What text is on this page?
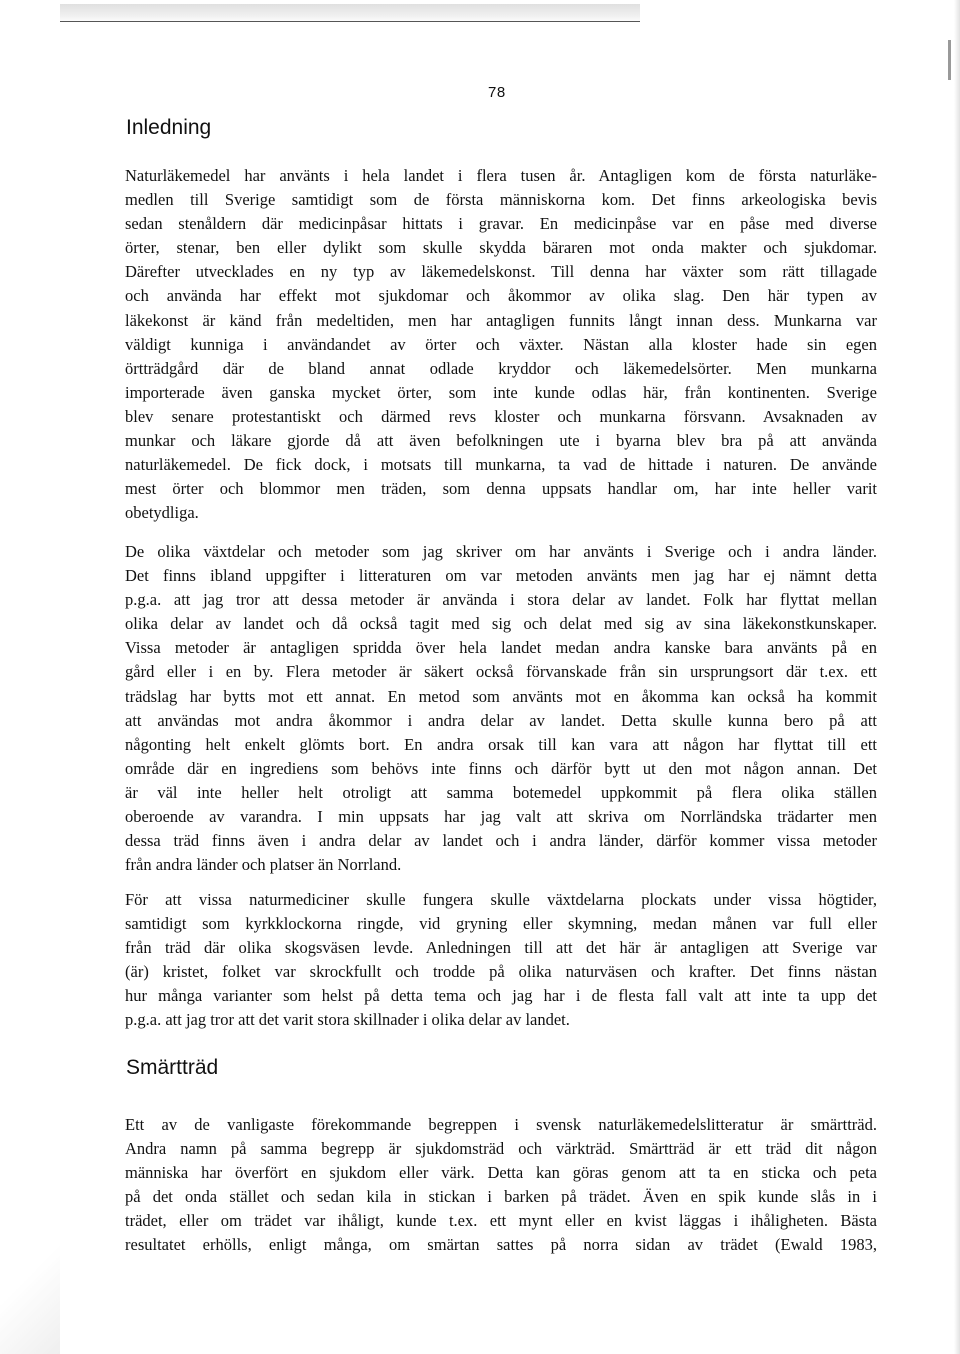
78
Inledning
Naturläkemedel har använts i hela landet i flera tusen år. Antagligen kom de första naturläke-
medlen till Sverige samtidigt som de första människorna kom. Det finns arkeologiska bevis
sedan stenåldern där medicinpåsar hittats i gravar. En medicinpåse var en påse med diverse
örter, stenar, ben eller dylikt som skulle skydda bäraren mot onda makter och sjukdomar.
Därefter utvecklades en ny typ av läkemedelskonst. Till denna har växter som rätt tillagade
och använda har effekt mot sjukdomar och åkommor av olika slag. Den här typen av
läkekonst är känd från medeltiden, men har antagligen funnits långt innan dess. Munkarna var
väldigt kunniga i användandet av örter och växter. Nästan alla kloster hade sin egen
örtträdgård där de bland annat odlade kryddor och läkemedelsörter. Men munkarna
importerade även ganska mycket örter, som inte kunde odlas här, från kontinenten. Sverige
blev senare protestantiskt och därmed revs kloster och munkarna försvann. Avsaknaden av
munkar och läkare gjorde då att även befolkningen ute i byarna blev bra på att använda
naturläkemedel. De fick dock, i motsats till munkarna, ta vad de hittade i naturen. De använde
mest örter och blommor men träden, som denna uppsats handlar om, har inte heller varit
obetydliga.
De olika växtdelar och metoder som jag skriver om har använts i Sverige och i andra länder.
Det finns ibland uppgifter i litteraturen om var metoden använts men jag har ej nämnt detta
p.g.a. att jag tror att dessa metoder är använda i stora delar av landet. Folk har flyttat mellan
olika delar av landet och då också tagit med sig och delat med sig av sina läkekonstkunskaper.
Vissa metoder är antagligen spridda över hela landet medan andra kanske bara använts på en
gård eller i en by. Flera metoder är säkert också förvanskade från sin ursprungsort där t.ex. ett
trädslag har bytts mot ett annat. En metod som använts mot en åkomma kan också ha kommit
att användas mot andra åkommor i andra delar av landet. Detta skulle kunna bero på att
någonting helt enkelt glömts bort. En andra orsak till kan vara att någon har flyttat till ett
område där en ingrediens som behövs inte finns och därför bytt ut den mot någon annan. Det
är väl inte heller helt otroligt att samma botemedel uppkommit på flera olika ställen
oberoende av varandra. I min uppsats har jag valt att skriva om Norrländska trädarter men
dessa träd finns även i andra delar av landet och i andra länder, därför kommer vissa metoder
från andra länder och platser än Norrland.
För att vissa naturmediciner skulle fungera skulle växtdelarna plockats under vissa högtider,
samtidigt som kyrkklockorna ringde, vid gryning eller skymning, medan månen var full eller
från träd där olika skogsväsen levde. Anledningen till att det här är antagligen att Sverige var
(är) kristet, folket var skrockfullt och trodde på olika naturväsen och krafter. Det finns nästan
hur många varianter som helst på detta tema och jag har i de flesta fall valt att inte ta upp det
p.g.a. att jag tror att det varit stora skillnader i olika delar av landet.
Smärtträd
Ett av de vanligaste förekommande begreppen i svensk naturläkemedelslitteratur är smärtträd.
Andra namn på samma begrepp är sjukdomsträd och värkträd. Smärtträd är ett träd dit någon
människa har överfört en sjukdom eller värk. Detta kan göras genom att ta en sticka och peta
på det onda stället och sedan kila in stickan i barken på trädet. Även en spik kunde slås in i
trädet, eller om trädet var ihåligt, kunde t.ex. ett mynt eller en kvist läggas i ihåligheten. Bästa
resultatet erhölls, enligt många, om smärtan sattes på norra sidan av trädet (Ewald 1983,
